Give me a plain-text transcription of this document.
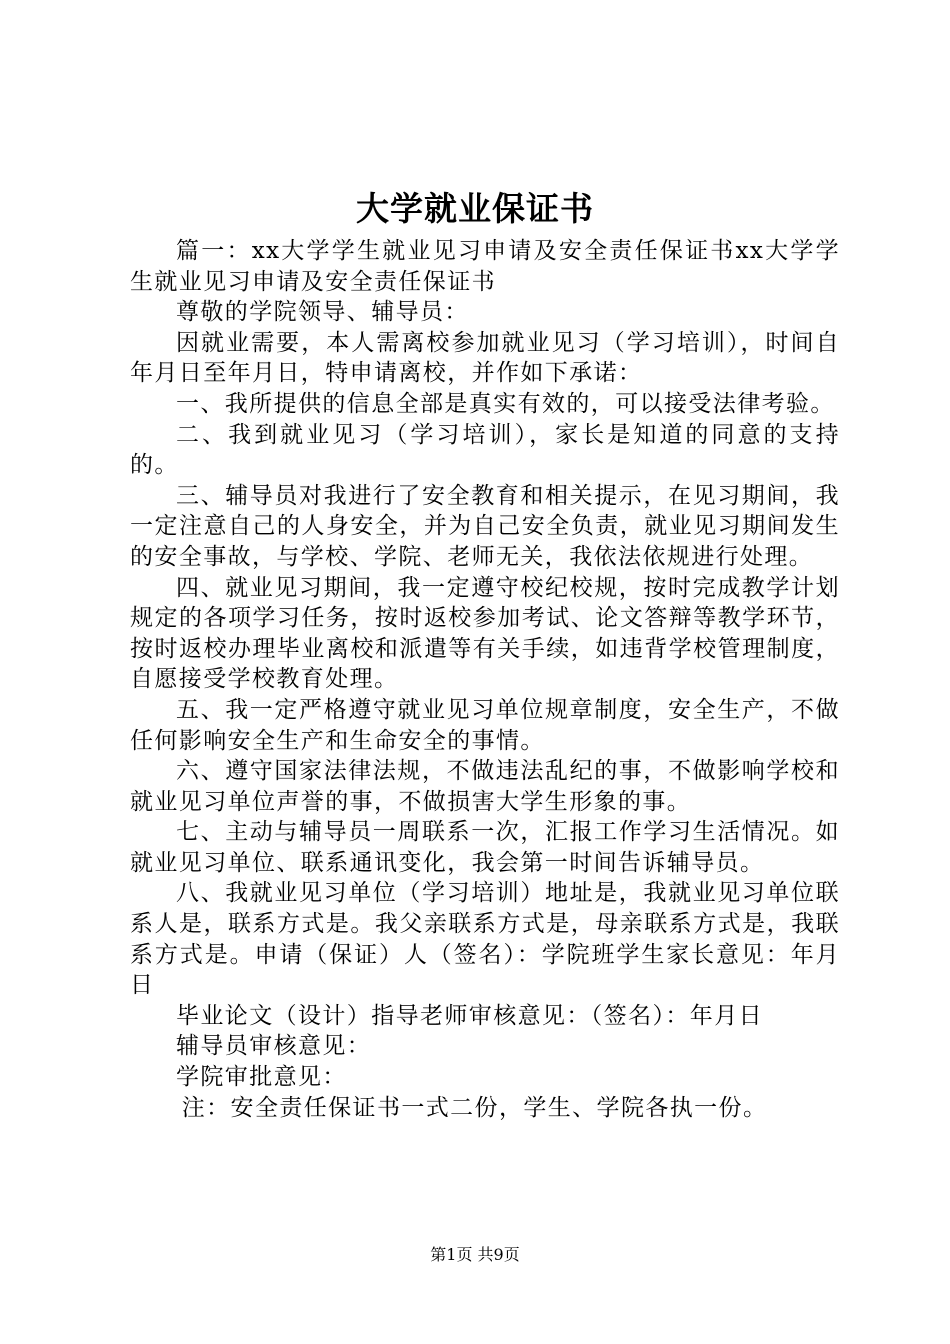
大学就业保证书

篇一：xx大学学生就业见习申请及安全责任保证书xx大学学生就业见习申请及安全责任保证书

尊敬的学院领导、辅导员：

因就业需要，本人需离校参加就业见习（学习培训），时间自年月日至年月日，特申请离校，并作如下承诺：

一、我所提供的信息全部是真实有效的，可以接受法律考验。

二、我到就业见习（学习培训），家长是知道的同意的支持的。

三、辅导员对我进行了安全教育和相关提示，在见习期间，我一定注意自己的人身安全，并为自己安全负责，就业见习期间发生的安全事故，与学校、学院、老师无关，我依法依规进行处理。

四、就业见习期间，我一定遵守校纪校规，按时完成教学计划规定的各项学习任务，按时返校参加考试、论文答辩等教学环节，按时返校办理毕业离校和派遣等有关手续，如违背学校管理制度，自愿接受学校教育处理。

五、我一定严格遵守就业见习单位规章制度，安全生产，不做任何影响安全生产和生命安全的事情。

六、遵守国家法律法规，不做违法乱纪的事，不做影响学校和就业见习单位声誉的事，不做损害大学生形象的事。

七、主动与辅导员一周联系一次，汇报工作学习生活情况。如就业见习单位、联系通讯变化，我会第一时间告诉辅导员。

八、我就业见习单位（学习培训）地址是，我就业见习单位联系人是，联系方式是。我父亲联系方式是，母亲联系方式是，我联系方式是。申请（保证）人（签名）：学院班学生家长意见：年月日

毕业论文（设计）指导老师审核意见：（签名）：年月日

辅导员审核意见：

学院审批意见：

注：安全责任保证书一式二份，学生、学院各执一份。

第1页 共9页
